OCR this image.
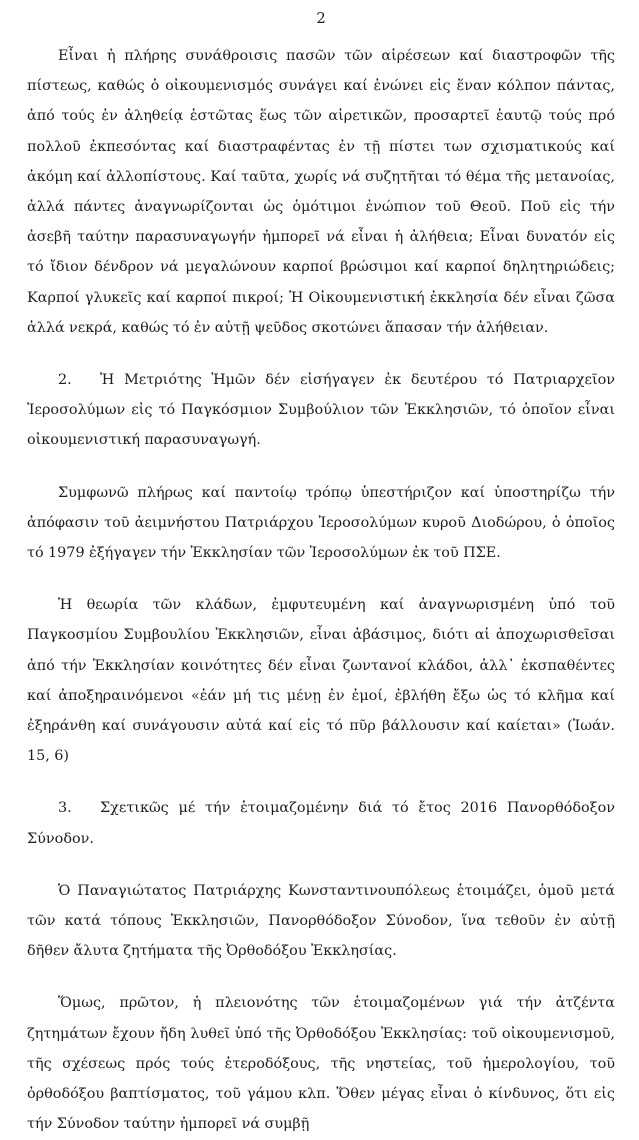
2

Εἶναι ἡ πλήρης συνάθροισις πασῶν τῶν αἱρέσεων καί διαστροφῶν τῆς πίστεως, καθώς ὁ οἰκουμενισμός συνάγει καί ἑνώνει εἰς ἕναν κόλπον πάντας, ἀπό τούς ἐν ἀληθείᾳ ἑστῶτας ἕως τῶν αἱρετικῶν, προσαρτεῖ ἑαυτῷ τούς πρό πολλοῦ ἐκπεσόντας καί διαστραφέντας ἐν τῇ πίστει των σχισματικούς καί ἀκόμη καί ἀλλοπίστους. Καί ταῦτα, χωρίς νά συζητῆται τό θέμα τῆς μετανοίας, ἀλλά πάντες ἀναγνωρίζονται ὡς ὁμότιμοι ἐνώπιον τοῦ Θεοῦ. Ποῦ εἰς τήν ἀσεβῆ ταύτην παρασυναγωγήν ἠμπορεῖ νά εἶναι ἡ ἀλήθεια; Εἶναι δυνατόν εἰς τό ἴδιον δένδρον νά μεγαλώνουν καρποί βρώσιμοι καί καρποί δηλητηριώδεις; Καρποί γλυκεῖς καί καρποί πικροί; Ἡ Οἰκουμενιστική ἐκκλησία δέν εἶναι ζῶσα ἀλλά νεκρά, καθώς τό ἐν αὐτῇ ψεῦδος σκοτώνει ἅπασαν τήν ἀλήθειαν.

2. Ἡ Μετριότης Ἡμῶν δέν εἰσήγαγεν ἐκ δευτέρου τό Πατριαρχεῖον Ἰεροσολύμων εἰς τό Παγκόσμιον Συμβούλιον τῶν Ἐκκλησιῶν, τό ὁποῖον εἶναι οἰκουμενιστική παρασυναγωγή.

Συμφωνῶ πλήρως καί παντοίῳ τρόπῳ ὑπεστήριζον καί ὑποστηρίζω τήν ἀπόφασιν τοῦ ἀειμνήστου Πατριάρχου Ἰεροσολύμων κυροῦ Διοδώρου, ὁ ὁποῖος τό 1979 ἐξήγαγεν τήν Ἐκκλησίαν τῶν Ἰεροσολύμων ἐκ τοῦ ΠΣΕ.

Ἡ θεωρία τῶν κλάδων, ἐμφυτευμένη καί ἀναγνωρισμένη ὑπό τοῦ Παγκοσμίου Συμβουλίου Ἐκκλησιῶν, εἶναι ἀβάσιμος, διότι αἱ ἀποχωρισθεῖσαι ἀπό τήν Ἐκκλησίαν κοινότητες δέν εἶναι ζωντανοί κλάδοι, ἀλλ᾽ ἐκσπαθέντες καί ἀποξηραινόμενοι «ἐάν μή τις μένῃ ἐν ἐμοί, ἐβλήθη ἔξω ὡς τό κλῆμα καί ἐξηράνθη καί συνάγουσιν αὐτά καί εἰς τό πῦρ βάλλουσιν καί καίεται» (Ἰωάν. 15, 6)

3. Σχετικῶς μέ τήν ἑτοιμαζομένην διά τό ἔτος 2016 Πανορθόδοξον Σύνοδον.

Ὁ Παναγιώτατος Πατριάρχης Κωνσταντινουπόλεως ἑτοιμάζει, ὁμοῦ μετά τῶν κατά τόπους Ἐκκλησιῶν, Πανορθόδοξον Σύνοδον, ἵνα τεθοῦν ἐν αὐτῇ δῆθεν ἄλυτα ζητήματα τῆς Ὀρθοδόξου Ἐκκλησίας.

Ὅμως, πρῶτον, ἡ πλειονότης τῶν ἑτοιμαζομένων γιά τήν ἀτζέντα ζητημάτων ἔχουν ἤδη λυθεῖ ὑπό τῆς Ὀρθοδόξου Ἐκκλησίας: τοῦ οἰκουμενισμοῦ, τῆς σχέσεως πρός τούς ἑτεροδόξους, τῆς νηστείας, τοῦ ἡμερολογίου, τοῦ ὀρθοδόξου βαπτίσματος, τοῦ γάμου κλπ. Ὅθεν μέγας εἶναι ὁ κίνδυνος, ὅτι εἰς τήν Σύνοδον ταύτην ἠμπορεῖ νά συμβῇ
